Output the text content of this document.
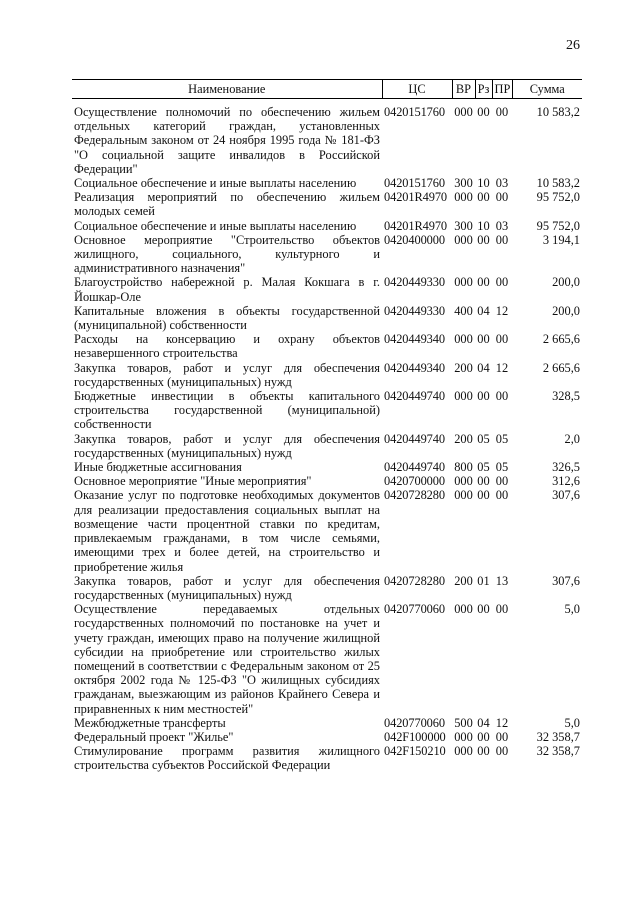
26
Наименование	ЦС	ВР	Рз	ПР	Сумма
Осуществление полномочий по обеспечению жильем отдельных категорий граждан, установленных Федеральным законом от 24 ноября 1995 года № 181-ФЗ "О социальной защите инвалидов в Российской Федерации"	0420151760	000	00	00	10 583,2
Социальное обеспечение и иные выплаты населению	0420151760	300	10	03	10 583,2
Реализация мероприятий по обеспечению жильем молодых семей	04201R4970	000	00	00	95 752,0
Социальное обеспечение и иные выплаты населению	04201R4970	300	10	03	95 752,0
Основное мероприятие "Строительство объектов жилищного, социального, культурного и административного назначения"	0420400000	000	00	00	3 194,1
Благоустройство набережной р. Малая Кокшага в г. Йошкар-Оле	0420449330	000	00	00	200,0
Капитальные вложения в объекты государственной (муниципальной) собственности	0420449330	400	04	12	200,0
Расходы на консервацию и охрану объектов незавершенного строительства	0420449340	000	00	00	2 665,6
Закупка товаров, работ и услуг для обеспечения государственных (муниципальных) нужд	0420449340	200	04	12	2 665,6
Бюджетные инвестиции в объекты капитального строительства государственной (муниципальной) собственности	0420449740	000	00	00	328,5
Закупка товаров, работ и услуг для обеспечения государственных (муниципальных) нужд	0420449740	200	05	05	2,0
Иные бюджетные ассигнования	0420449740	800	05	05	326,5
Основное мероприятие "Иные мероприятия"	0420700000	000	00	00	312,6
Оказание услуг по подготовке необходимых документов для реализации предоставления социальных выплат на возмещение части процентной ставки по кредитам, привлекаемым гражданами, в том числе семьями, имеющими трех и более детей, на строительство и приобретение жилья	0420728280	000	00	00	307,6
Закупка товаров, работ и услуг для обеспечения государственных (муниципальных) нужд	0420728280	200	01	13	307,6
Осуществление передаваемых отдельных государственных полномочий по постановке на учет и учету граждан, имеющих право на получение жилищной субсидии на приобретение или строительство жилых помещений в соответствии с Федеральным законом от 25 октября 2002 года № 125-ФЗ "О жилищных субсидиях гражданам, выезжающим из районов Крайнего Севера и приравненных к ним местностей"	0420770060	000	00	00	5,0
Межбюджетные трансферты	0420770060	500	04	12	5,0
Федеральный проект "Жилье"	042F100000	000	00	00	32 358,7
Стимулирование программ развития жилищного строительства субъектов Российской Федерации	042F150210	000	00	00	32 358,7
